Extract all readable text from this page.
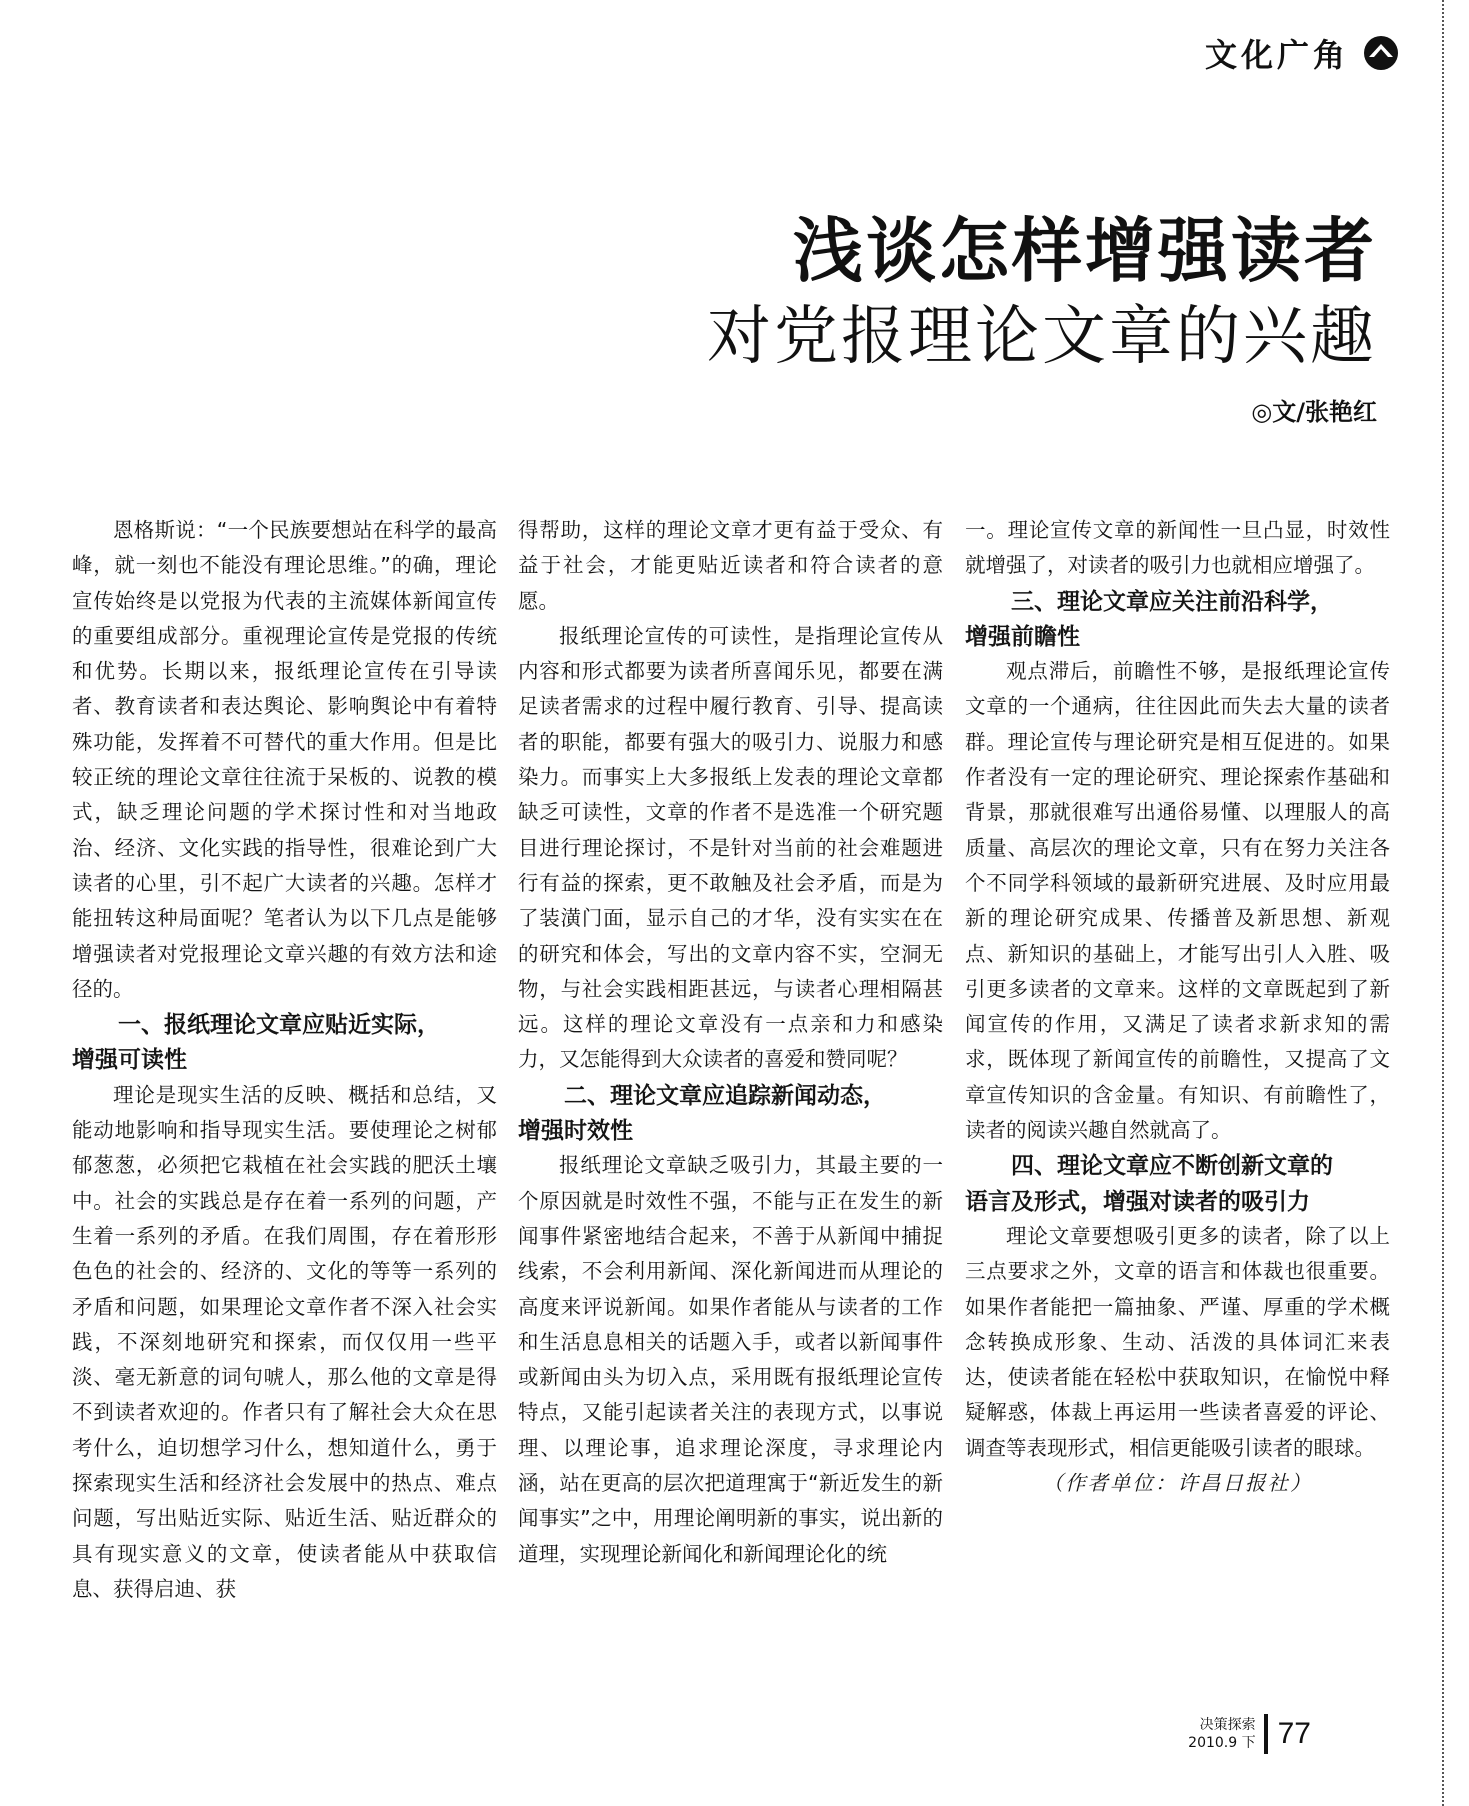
文化广角
浅谈怎样增强读者
对党报理论文章的兴趣
◎文/张艳红

恩格斯说：“一个民族要想站在科学的最高峰，就一刻也不能没有理论思维。”的确，理论宣传始终是以党报为代表的主流媒体新闻宣传的重要组成部分。重视理论宣传是党报的传统和优势。长期以来，报纸理论宣传在引导读者、教育读者和表达舆论、影响舆论中有着特殊功能，发挥着不可替代的重大作用。但是比较正统的理论文章往往流于呆板的、说教的模式，缺乏理论问题的学术探讨性和对当地政治、经济、文化实践的指导性，很难论到广大读者的心里，引不起广大读者的兴趣。怎样才能扭转这种局面呢？笔者认为以下几点是能够增强读者对党报理论文章兴趣的有效方法和途径的。

一、报纸理论文章应贴近实际，
增强可读性

理论是现实生活的反映、概括和总结，又能动地影响和指导现实生活。要使理论之树郁郁葱葱，必须把它栽植在社会实践的肥沃土壤中。社会的实践总是存在着一系列的问题，产生着一系列的矛盾。在我们周围，存在着形形色色的社会的、经济的、文化的等等一系列的矛盾和问题，如果理论文章作者不深入社会实践，不深刻地研究和探索，而仅仅用一些平淡、毫无新意的词句唬人，那么他的文章是得不到读者欢迎的。作者只有了解社会大众在思考什么，迫切想学习什么，想知道什么，勇于探索现实生活和经济社会发展中的热点、难点问题，写出贴近实际、贴近生活、贴近群众的具有现实意义的文章，使读者能从中获取信息、获得启迪、获

得帮助，这样的理论文章才更有益于受众、有益于社会，才能更贴近读者和符合读者的意愿。

报纸理论宣传的可读性，是指理论宣传从内容和形式都要为读者所喜闻乐见，都要在满足读者需求的过程中履行教育、引导、提高读者的职能，都要有强大的吸引力、说服力和感染力。而事实上大多报纸上发表的理论文章都缺乏可读性，文章的作者不是选准一个研究题目进行理论探讨，不是针对当前的社会难题进行有益的探索，更不敢触及社会矛盾，而是为了装潢门面，显示自己的才华，没有实实在在的研究和体会，写出的文章内容不实，空洞无物，与社会实践相距甚远，与读者心理相隔甚远。这样的理论文章没有一点亲和力和感染力，又怎能得到大众读者的喜爱和赞同呢？

二、理论文章应追踪新闻动态，
增强时效性

报纸理论文章缺乏吸引力，其最主要的一个原因就是时效性不强，不能与正在发生的新闻事件紧密地结合起来，不善于从新闻中捕捉线索，不会利用新闻、深化新闻进而从理论的高度来评说新闻。如果作者能从与读者的工作和生活息息相关的话题入手，或者以新闻事件或新闻由头为切入点，采用既有报纸理论宣传特点，又能引起读者关注的表现方式，以事说理、以理论事，追求理论深度，寻求理论内涵，站在更高的层次把道理寓于“新近发生的新闻事实”之中，用理论阐明新的事实，说出新的道理，实现理论新闻化和新闻理论化的统

一。理论宣传文章的新闻性一旦凸显，时效性就增强了，对读者的吸引力也就相应增强了。

三、理论文章应关注前沿科学，
增强前瞻性

观点滞后，前瞻性不够，是报纸理论宣传文章的一个通病，往往因此而失去大量的读者群。理论宣传与理论研究是相互促进的。如果作者没有一定的理论研究、理论探索作基础和背景，那就很难写出通俗易懂、以理服人的高质量、高层次的理论文章，只有在努力关注各个不同学科领域的最新研究进展、及时应用最新的理论研究成果、传播普及新思想、新观点、新知识的基础上，才能写出引人入胜、吸引更多读者的文章来。这样的文章既起到了新闻宣传的作用，又满足了读者求新求知的需求，既体现了新闻宣传的前瞻性，又提高了文章宣传知识的含金量。有知识、有前瞻性了，读者的阅读兴趣自然就高了。

四、理论文章应不断创新文章的
语言及形式，增强对读者的吸引力

理论文章要想吸引更多的读者，除了以上三点要求之外，文章的语言和体裁也很重要。如果作者能把一篇抽象、严谨、厚重的学术概念转换成形象、生动、活泼的具体词汇来表达，使读者能在轻松中获取知识，在愉悦中释疑解惑，体裁上再运用一些读者喜爱的评论、调查等表现形式，相信更能吸引读者的眼球。

（作者单位：许昌日报社）

决策探索
2010.9 下 77
